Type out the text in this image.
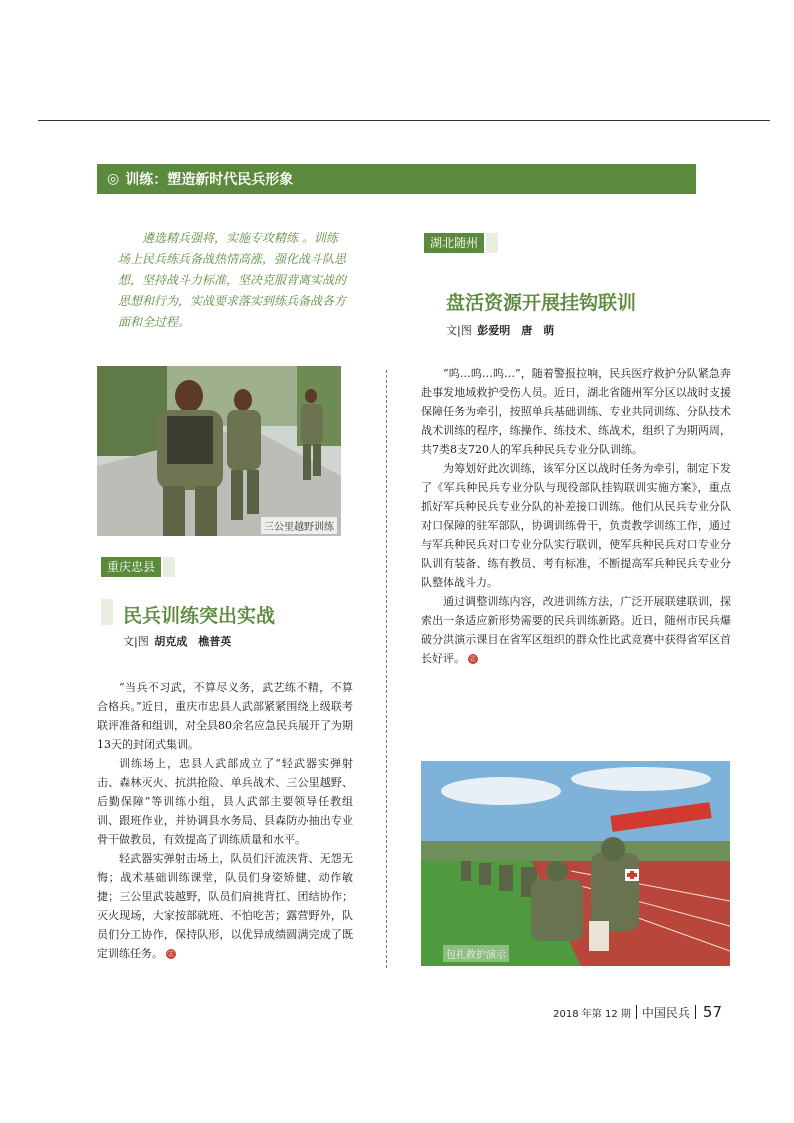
◎ 训练：塑造新时代民兵形象

遴选精兵强将，实施专攻精练 。训练场上民兵练兵备战热情高涨，强化战斗队思想，坚持战斗力标准，坚决克服背离实战的思想和行为，实战要求落实到练兵备战各方面和全过程。

三公里越野训练
重庆忠县
民兵训练突出实战
文|图 胡克成　樵普英

“当兵不习武，不算尽义务，武艺练不精，不算合格兵。”近日，重庆市忠县人武部紧紧围绕上级联考联评准备和组训，对全县80余名应急民兵展开了为期13天的封闭式集训。

训练场上，忠县人武部成立了“轻武器实弹射击、森林灭火、抗洪抢险、单兵战术、三公里越野、后勤保障”等训练小组，县人武部主要领导任教组训、跟班作业，并协调县水务局、县森防办抽出专业骨干做教员，有效提高了训练质量和水平。

轻武器实弹射击场上，队员们汗流浃背、无怨无悔；战术基础训练课堂，队员们身姿矫健、动作敏捷；三公里武装越野，队员们肩挑背扛、团结协作；灭火现场，大家按部就班、不怕吃苦；露营野外，队员们分工协作，保持队形，以优异成绩圆满完成了既定训练任务。 ㊣

湖北随州
盘活资源开展挂钩联训
文|图 彭爱明　唐　萌

“呜…呜…呜…”，随着警报拉响，民兵医疗救护分队紧急奔赴事发地域救护受伤人员。近日，湖北省随州军分区以战时支援保障任务为牵引，按照单兵基础训练、专业共同训练、分队技术战术训练的程序，练操作、练技术、练战术，组织了为期两周，共7类8支720人的军兵种民兵专业分队训练。

为筹划好此次训练，该军分区以战时任务为牵引，制定下发了《军兵种民兵专业分队与现役部队挂钩联训实施方案》，重点抓好军兵种民兵专业分队的补差接口训练。他们从民兵专业分队对口保障的驻军部队，协调训练骨干，负责教学训练工作，通过与军兵种民兵对口专业分队实行联训，使军兵种民兵对口专业分队训有装备、练有教员、考有标准，不断提高军兵种民兵专业分队整体战斗力。

通过调整训练内容，改进训练方法，广泛开展联建联训，探索出一条适应新形势需要的民兵训练新路。近日，随州市民兵爆破分洪演示课目在省军区组织的群众性比武竞赛中获得省军区首长好评。 ㊣

包扎救护演示
2018 年第 12 期 中国民兵 57
